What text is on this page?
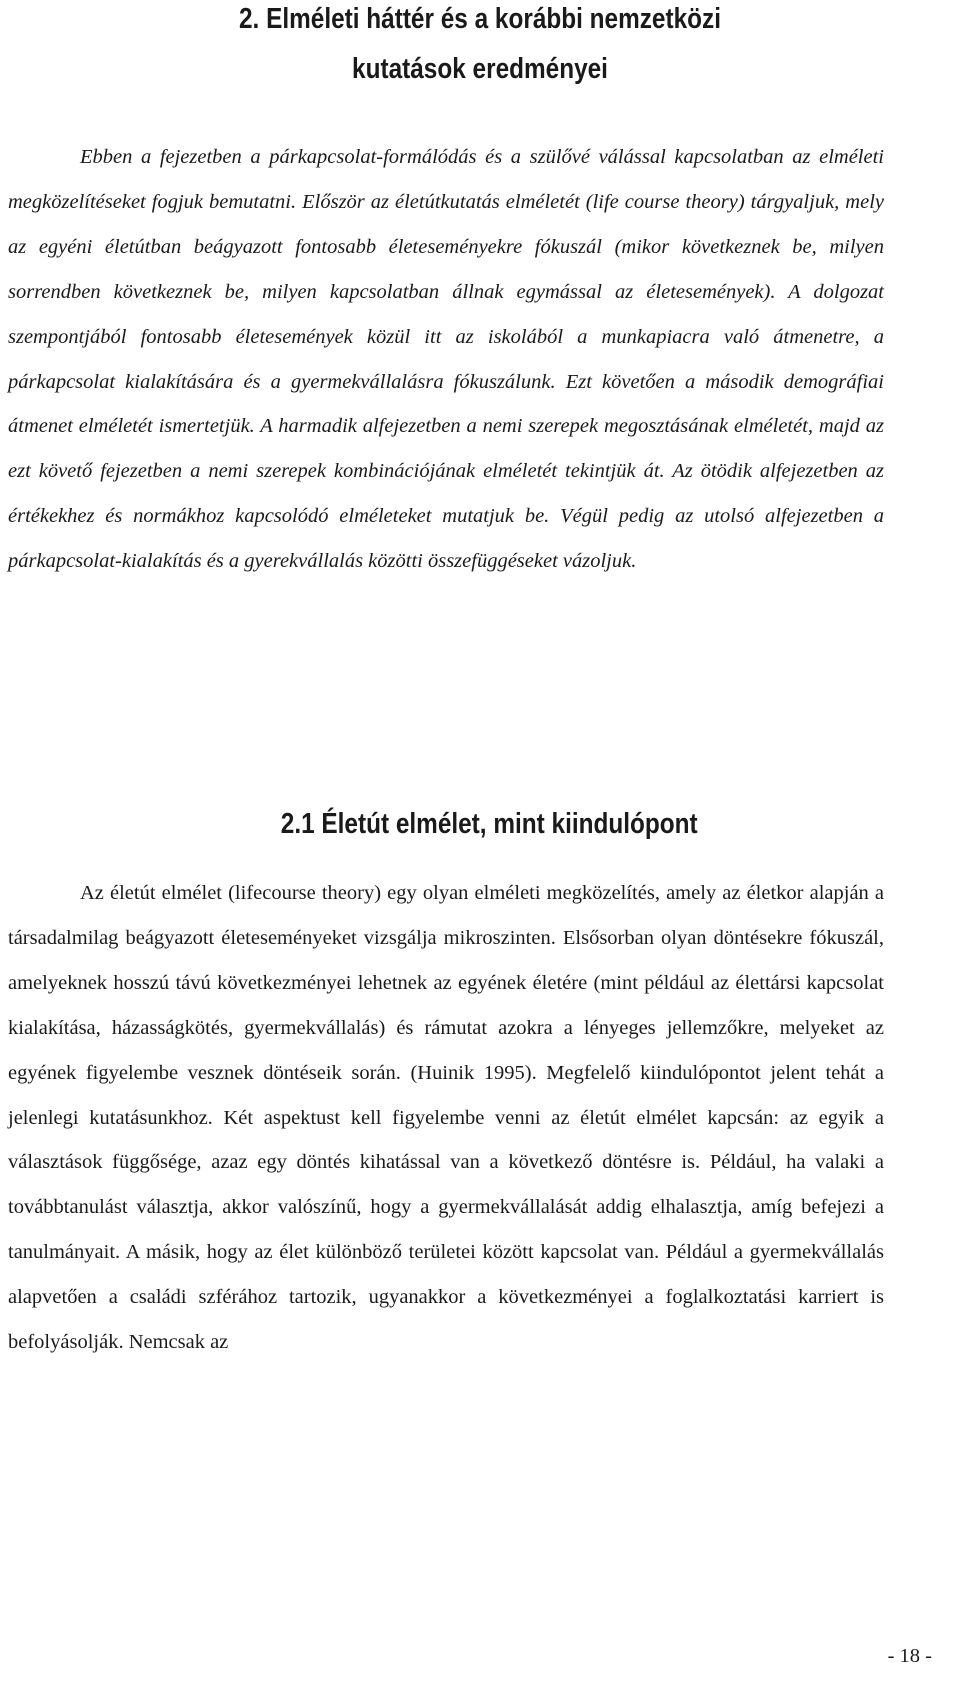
2. Elméleti háttér és a korábbi nemzetközi
kutatások eredményei

Ebben a fejezetben a párkapcsolat-formálódás és a szülővé válással kapcsolatban az elméleti megközelítéseket fogjuk bemutatni. Először az életútkutatás elméletét (life course theory) tárgyaljuk, mely az egyéni életútban beágyazott fontosabb életeseményekre fókuszál (mikor következnek be, milyen sorrendben következnek be, milyen kapcsolatban állnak egymással az életesemények). A dolgozat szempontjából fontosabb életesemények közül itt az iskolából a munkapiacra való átmenetre, a párkapcsolat kialakítására és a gyermekvállalásra fókuszálunk. Ezt követően a második demográfiai átmenet elméletét ismertetjük. A harmadik alfejezetben a nemi szerepek megosztásának elméletét, majd az ezt követő fejezetben a nemi szerepek kombinációjának elméletét tekintjük át. Az ötödik alfejezetben az értékekhez és normákhoz kapcsolódó elméleteket mutatjuk be. Végül pedig az utolsó alfejezetben a párkapcsolat-kialakítás és a gyerekvállalás közötti összefüggéseket vázoljuk.

2.1 Életút elmélet, mint kiindulópont

Az életút elmélet (lifecourse theory) egy olyan elméleti megközelítés, amely az életkor alapján a társadalmilag beágyazott életeseményeket vizsgálja mikroszinten. Elsősorban olyan döntésekre fókuszál, amelyeknek hosszú távú következményei lehetnek az egyének életére (mint például az élettársi kapcsolat kialakítása, házasságkötés, gyermekvállalás) és rámutat azokra a lényeges jellemzőkre, melyeket az egyének figyelembe vesznek döntéseik során. (Huinik 1995). Megfelelő kiindulópontot jelent tehát a jelenlegi kutatásunkhoz. Két aspektust kell figyelembe venni az életút elmélet kapcsán: az egyik a választások függősége, azaz egy döntés kihatással van a következő döntésre is. Például, ha valaki a továbbtanulást választja, akkor valószínű, hogy a gyermekvállalását addig elhalasztja, amíg befejezi a tanulmányait. A másik, hogy az élet különböző területei között kapcsolat van. Például a gyermekvállalás alapvetően a családi szférához tartozik, ugyanakkor a következményei a foglalkoztatási karriert is befolyásolják. Nemcsak az

- 18 -
